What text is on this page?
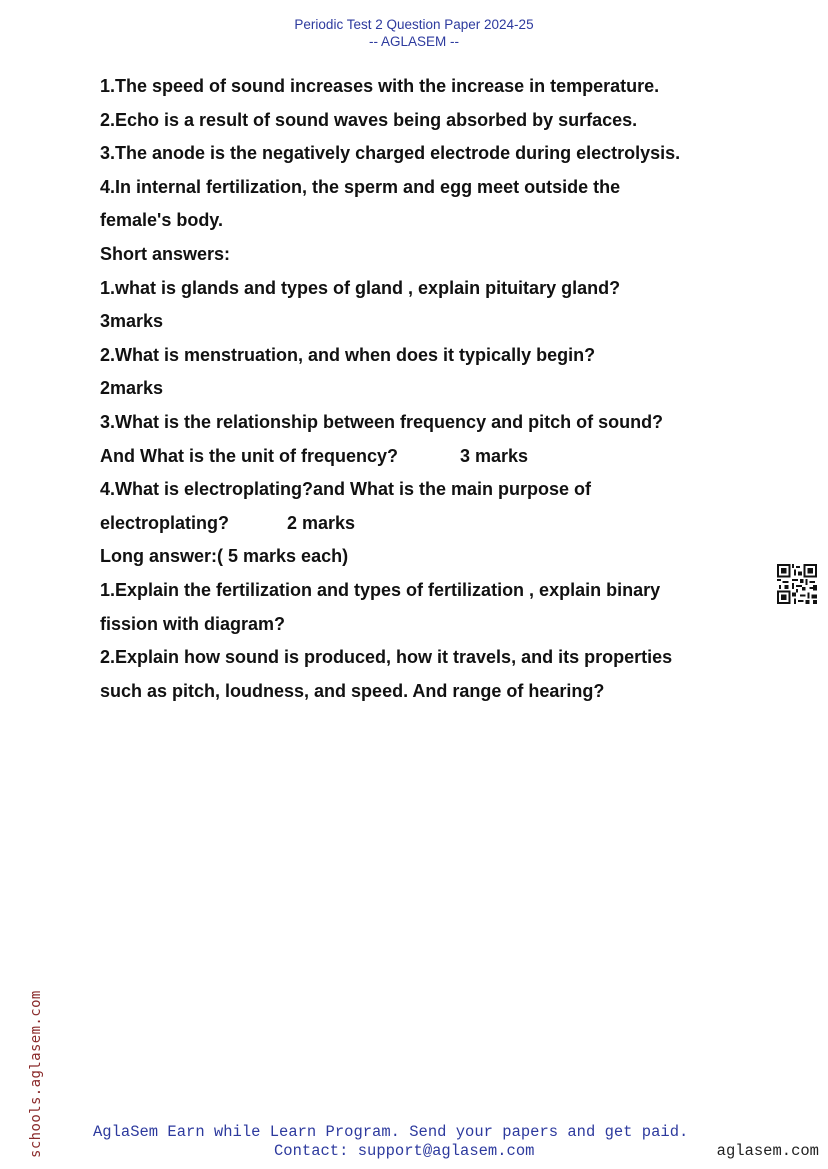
Periodic Test 2 Question Paper 2024-25
-- AGLASEM --
1.The speed of sound increases with the increase in temperature.
2.Echo is a result of sound waves being absorbed by surfaces.
3.The anode is the negatively charged electrode during electrolysis.
4.In internal fertilization, the sperm and egg meet outside the
female's body.
Short answers:
1.what is glands and types of gland , explain pituitary gland?
3marks
2.What is menstruation, and when does it typically begin?
2marks
3.What is the relationship between frequency and pitch of sound?
And What is the unit of frequency?	3 marks
4.What is electroplating?and What is the main purpose of
electroplating?	2 marks
Long answer:( 5 marks each)
1.Explain the fertilization and types of fertilization , explain binary
fission with diagram?
2.Explain how sound is produced, how it travels, and its properties
such as pitch, loudness, and speed. And range of hearing?
schools.aglasem.com	AglaSem Earn while Learn Program. Send your papers and get paid.
Contact: support@aglasem.com	aglasem.com
